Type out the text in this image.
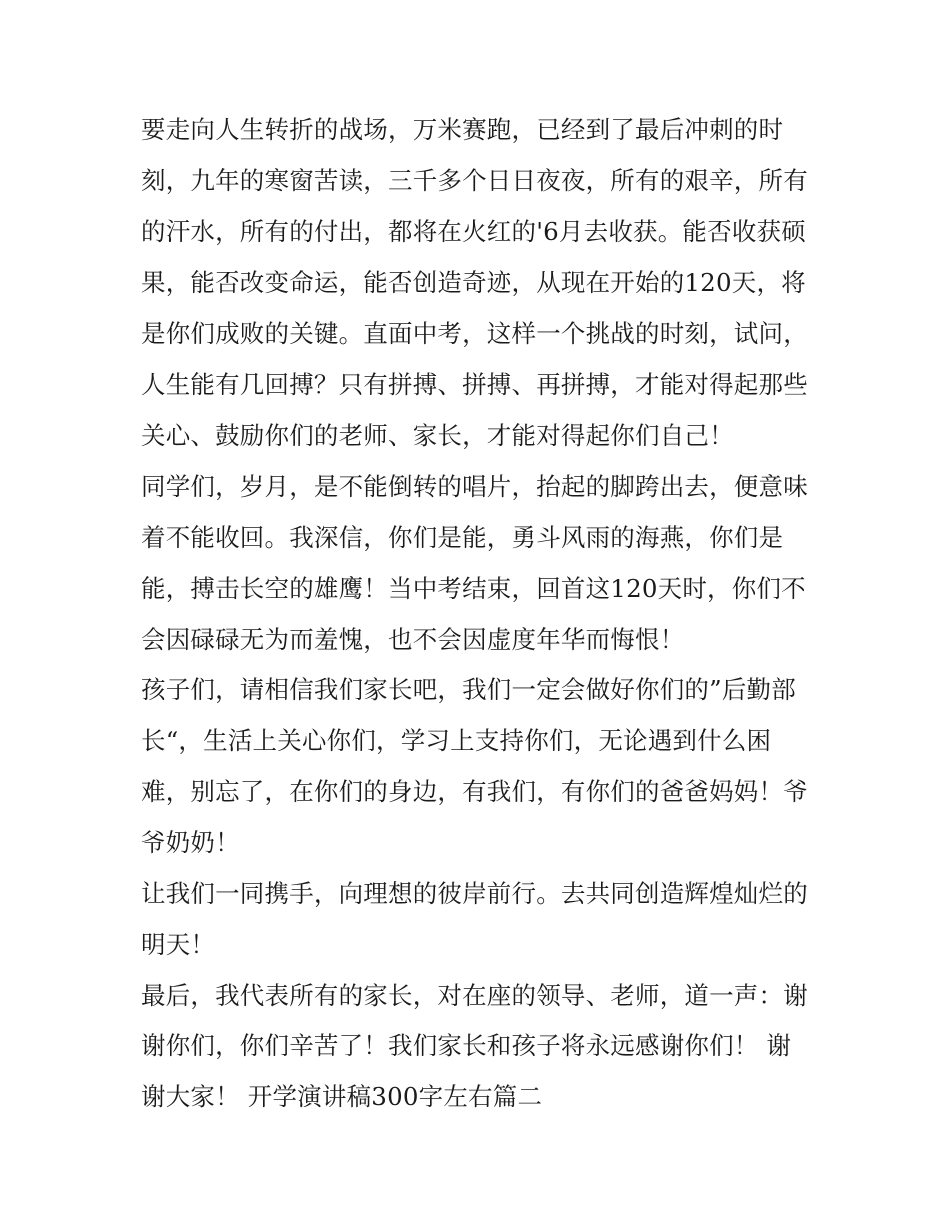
要走向人生转折的战场，万米赛跑，已经到了最后冲刺的时
刻，九年的寒窗苦读，三千多个日日夜夜，所有的艰辛，所有
的汗水，所有的付出，都将在火红的'6月去收获。能否收获硕
果，能否改变命运，能否创造奇迹，从现在开始的120天，将
是你们成败的关键。直面中考，这样一个挑战的时刻，试问，
人生能有几回搏？只有拼搏、拼搏、再拼搏，才能对得起那些
关心、鼓励你们的老师、家长，才能对得起你们自己！
同学们，岁月，是不能倒转的唱片，抬起的脚跨出去，便意味
着不能收回。我深信，你们是能，勇斗风雨的海燕，你们是
能，搏击长空的雄鹰！当中考结束，回首这120天时，你们不
会因碌碌无为而羞愧，也不会因虚度年华而悔恨！
孩子们，请相信我们家长吧，我们一定会做好你们的”后勤部
长“，生活上关心你们，学习上支持你们，无论遇到什么困
难，别忘了，在你们的身边，有我们，有你们的爸爸妈妈！爷
爷奶奶！
让我们一同携手，向理想的彼岸前行。去共同创造辉煌灿烂的
明天！
最后，我代表所有的家长，对在座的领导、老师，道一声：谢
谢你们，你们辛苦了！我们家长和孩子将永远感谢你们！ 谢
谢大家！ 开学演讲稿300字左右篇二
